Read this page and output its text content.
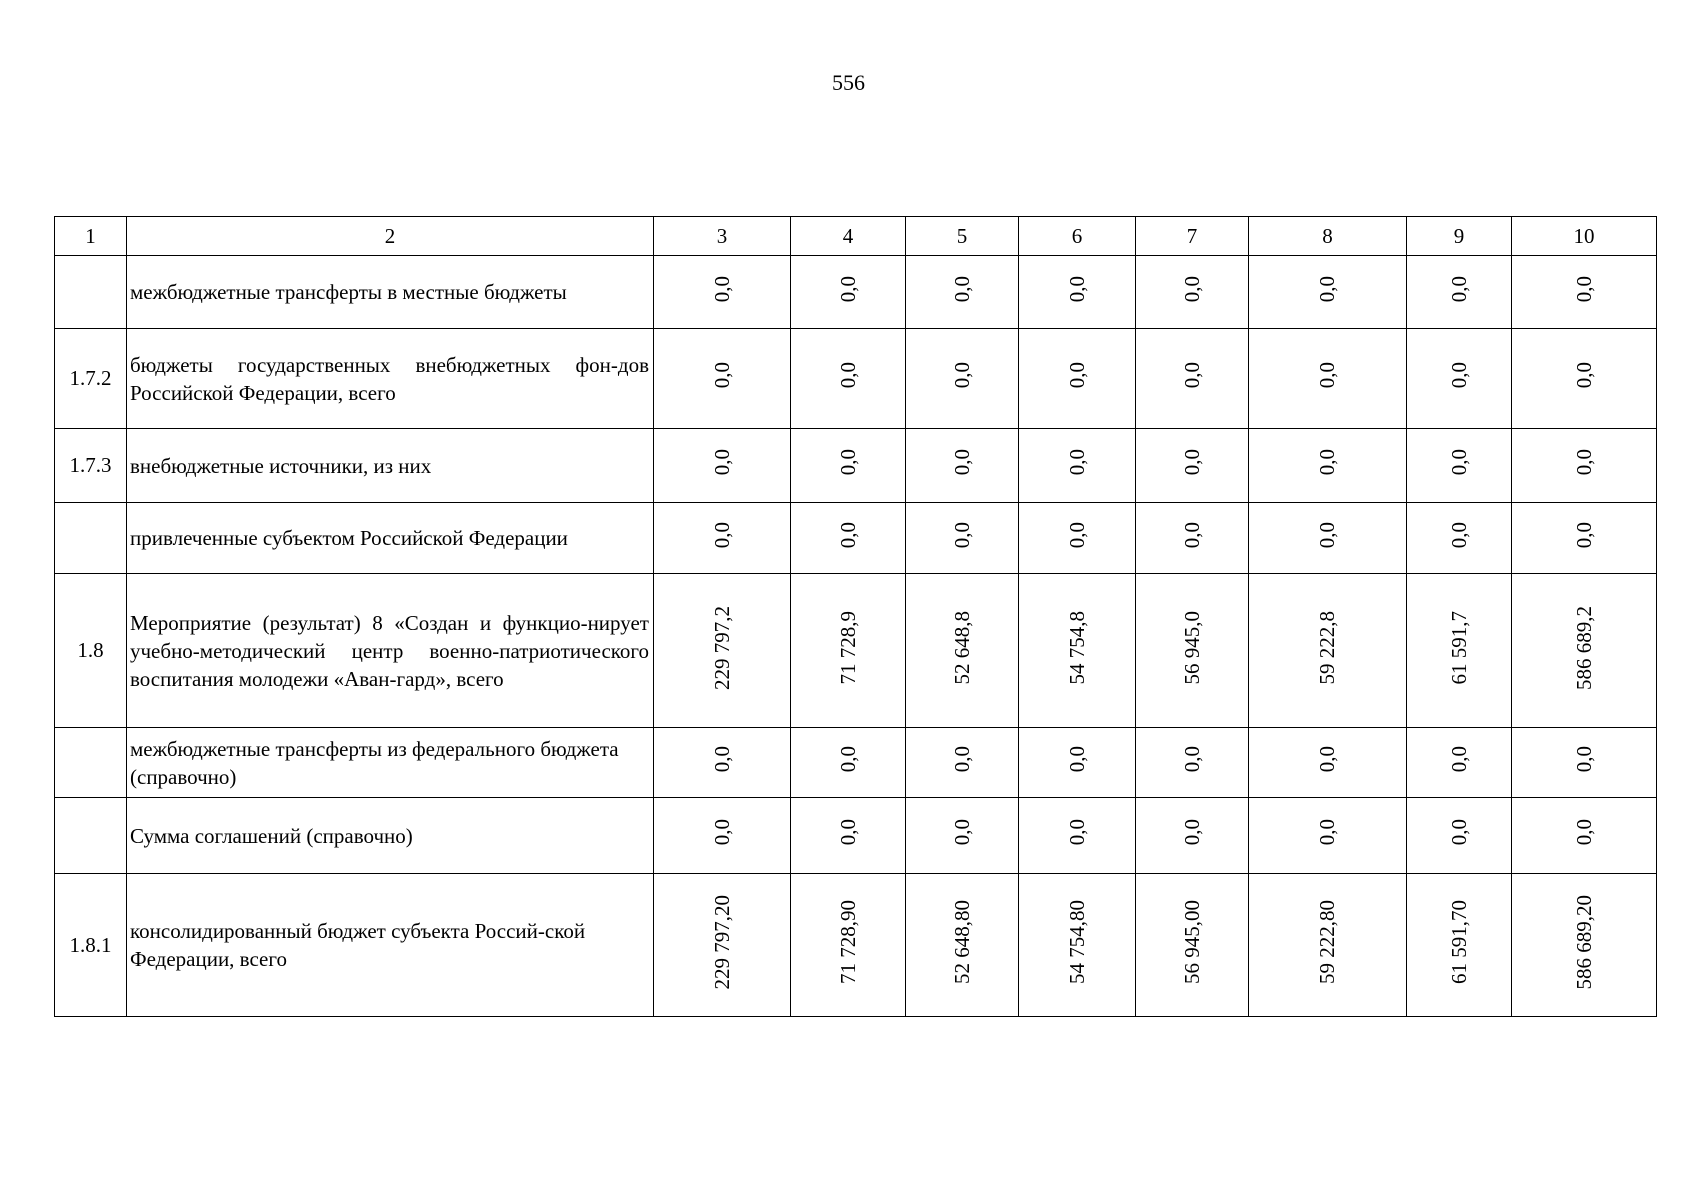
556
1	2	3	4	5	6	7	8	9	10
	межбюджетные трансферты в местные бюджеты	0,0	0,0	0,0	0,0	0,0	0,0	0,0	0,0
1.7.2	бюджеты государственных внебюджетных фон-дов Российской Федерации, всего	0,0	0,0	0,0	0,0	0,0	0,0	0,0	0,0
1.7.3	внебюджетные источники, из них	0,0	0,0	0,0	0,0	0,0	0,0	0,0	0,0
	привлеченные субъектом Российской Федерации	0,0	0,0	0,0	0,0	0,0	0,0	0,0	0,0
1.8	Мероприятие (результат) 8 «Создан и функцио-нирует учебно-методический центр военно-патриотического воспитания молодежи «Аван-гард», всего	229 797,2	71 728,9	52 648,8	54 754,8	56 945,0	59 222,8	61 591,7	586 689,2
	межбюджетные трансферты из федерального бюджета (справочно)	0,0	0,0	0,0	0,0	0,0	0,0	0,0	0,0
	Сумма соглашений (справочно)	0,0	0,0	0,0	0,0	0,0	0,0	0,0	0,0
1.8.1	консолидированный бюджет субъекта Россий-ской Федерации, всего	229 797,20	71 728,90	52 648,80	54 754,80	56 945,00	59 222,80	61 591,70	586 689,20
